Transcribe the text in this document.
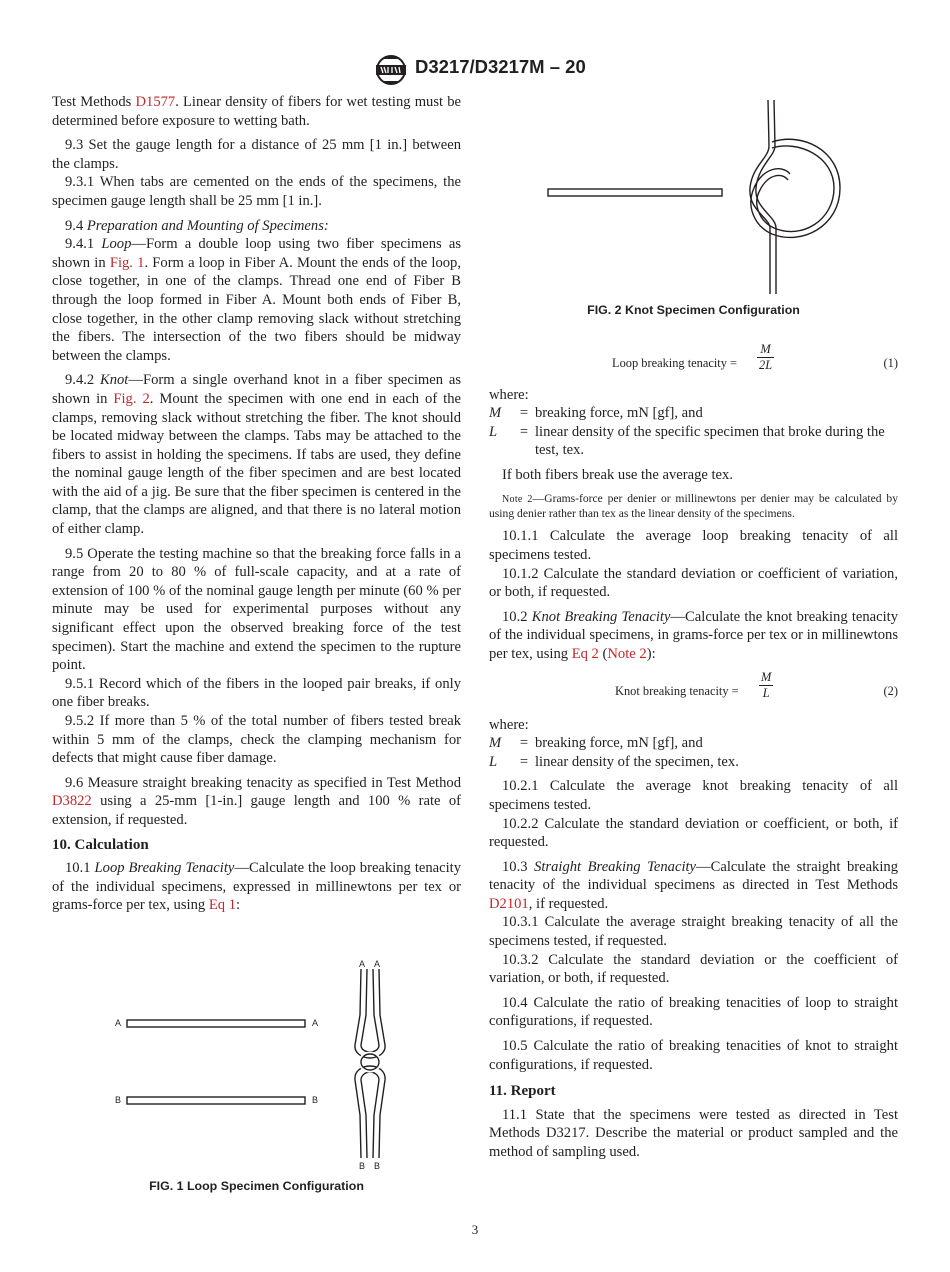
D3217/D3217M – 20

Test Methods D1577. Linear density of fibers for wet testing must be determined before exposure to wetting bath.

9.3 Set the gauge length for a distance of 25 mm [1 in.] between the clamps.

9.3.1 When tabs are cemented on the ends of the specimens, the specimen gauge length shall be 25 mm [1 in.].

9.4 Preparation and Mounting of Specimens:

9.4.1 Loop—Form a double loop using two fiber specimens as shown in Fig. 1. Form a loop in Fiber A. Mount the ends of the loop, close together, in one of the clamps. Thread one end of Fiber B through the loop formed in Fiber A. Mount both ends of Fiber B, close together, in the other clamp removing slack without stretching the fibers. The intersection of the two fibers should be midway between the clamps.

9.4.2 Knot—Form a single overhand knot in a fiber specimen as shown in Fig. 2. Mount the specimen with one end in each of the clamps, removing slack without stretching the fiber. The knot should be located midway between the clamps. Tabs may be attached to the fibers to assist in holding the specimens. If tabs are used, they define the nominal gauge length of the fiber specimen and are best located with the aid of a jig. Be sure that the fiber specimen is centered in the clamp, that the clamps are aligned, and that there is no lateral motion of either clamp.

9.5 Operate the testing machine so that the breaking force falls in a range from 20 to 80 % of full-scale capacity, and at a rate of extension of 100 % of the nominal gauge length per minute (60 % per minute may be used for experimental purposes without any significant effect upon the observed breaking force of the test specimen). Start the machine and extend the specimen to the rupture point.

9.5.1 Record which of the fibers in the looped pair breaks, if only one fiber breaks.

9.5.2 If more than 5 % of the total number of fibers tested break within 5 mm of the clamps, check the clamping mechanism for defects that might cause fiber damage.

9.6 Measure straight breaking tenacity as specified in Test Method D3822 using a 25-mm [1-in.] gauge length and 100 % rate of extension, if requested.

10. Calculation

10.1 Loop Breaking Tenacity—Calculate the loop breaking tenacity of the individual specimens, expressed in millinewtons per tex or grams-force per tex, using Eq 1:

A	A
B	B
A A
B B
FIG. 1 Loop Specimen Configuration
FIG. 2 Knot Specimen Configuration
Loop breaking tenacity = $\frac{M}{2L}$	(1)

where:

M	= breaking force, mN [gf], and
L	= linear density of the specific specimen that broke during the test, tex.

If both fibers break use the average tex.

Note 2—Grams-force per denier or millinewtons per denier may be calculated by using denier rather than tex as the linear density of the specimens.

10.1.1 Calculate the average loop breaking tenacity of all specimens tested.

10.1.2 Calculate the standard deviation or coefficient of variation, or both, if requested.

10.2 Knot Breaking Tenacity—Calculate the knot breaking tenacity of the individual specimens, in grams-force per tex or in millinewtons per tex, using Eq 2 (Note 2):

Knot breaking tenacity = $\frac{M}{L}$	(2)

where:

M	= breaking force, mN [gf], and
L	= linear density of the specimen, tex.

10.2.1 Calculate the average knot breaking tenacity of all specimens tested.

10.2.2 Calculate the standard deviation or coefficient, or both, if requested.

10.3 Straight Breaking Tenacity—Calculate the straight breaking tenacity of the individual specimens as directed in Test Methods D2101, if requested.

10.3.1 Calculate the average straight breaking tenacity of all the specimens tested, if requested.

10.3.2 Calculate the standard deviation or the coefficient of variation, or both, if requested.

10.4 Calculate the ratio of breaking tenacities of loop to straight configurations, if requested.

10.5 Calculate the ratio of breaking tenacities of knot to straight configurations, if requested.

11. Report

11.1 State that the specimens were tested as directed in Test Methods D3217. Describe the material or product sampled and the method of sampling used.

3
